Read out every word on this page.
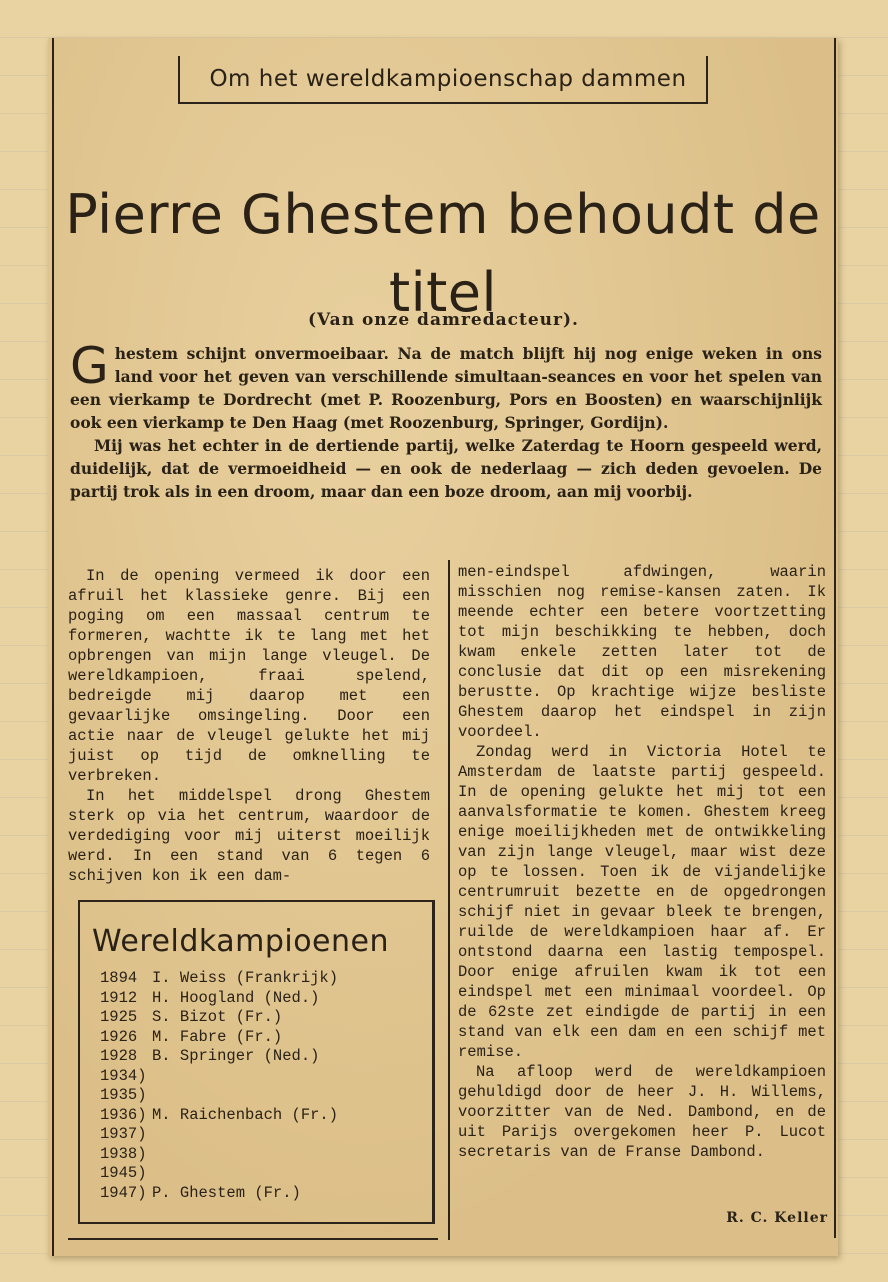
Om het wereldkampioenschap dammen
Pierre Ghestem behoudt de titel
(Van onze damredacteur).

Ghestem schijnt onvermoeibaar. Na de match blijft hij nog enige weken in ons land voor het geven van verschillende simultaan-seances en voor het spelen van een vierkamp te Dordrecht (met P. Roozenburg, Pors en Boosten) en waarschijnlijk ook een vierkamp te Den Haag (met Roozenburg, Springer, Gordijn).

Mij was het echter in de dertiende partij, welke Zaterdag te Hoorn gespeeld werd, duidelijk, dat de vermoeidheid — en ook de nederlaag — zich deden gevoelen. De partij trok als in een droom, maar dan een boze droom, aan mij voorbij.

In de opening vermeed ik door een afruil het klassieke genre. Bij een poging om een massaal centrum te formeren, wachtte ik te lang met het opbrengen van mijn lange vleugel. De wereldkampioen, fraai spelend, bedreigde mij daarop met een gevaarlijke omsingeling. Door een actie naar de vleugel gelukte het mij juist op tijd de omknelling te verbreken.

In het middelspel drong Ghestem sterk op via het centrum, waardoor de verdediging voor mij uiterst moeilijk werd. In een stand van 6 tegen 6 schijven kon ik een dam-

men-eindspel afdwingen, waarin misschien nog remise-kansen zaten. Ik meende echter een betere voortzetting tot mijn beschikking te hebben, doch kwam enkele zetten later tot de conclusie dat dit op een misrekening berustte. Op krachtige wijze besliste Ghestem daarop het eindspel in zijn voordeel.

Zondag werd in Victoria Hotel te Amsterdam de laatste partij gespeeld. In de opening gelukte het mij tot een aanvalsformatie te komen. Ghestem kreeg enige moeilijkheden met de ontwikkeling van zijn lange vleugel, maar wist deze op te lossen. Toen ik de vijandelijke centrumruit bezette en de opgedrongen schijf niet in gevaar bleek te brengen, ruilde de wereldkampioen haar af. Er ontstond daarna een lastig tempospel. Door enige afruilen kwam ik tot een eindspel met een minimaal voordeel. Op de 62ste zet eindigde de partij in een stand van elk een dam en een schijf met remise.

Na afloop werd de wereldkampioen gehuldigd door de heer J. H. Willems, voorzitter van de Ned. Dambond, en de uit Parijs overgekomen heer P. Lucot secretaris van de Franse Dambond.

Wereldkampioenen
1894 I. Weiss (Frankrijk)
1912 H. Hoogland (Ned.)
1925 S. Bizot (Fr.)
1926 M. Fabre (Fr.)
1928 B. Springer (Ned.)
1934)
1935)
1936) M. Raichenbach (Fr.)
1937)
1938)
1945)
1947) P. Ghestem (Fr.)
R. C. Keller
